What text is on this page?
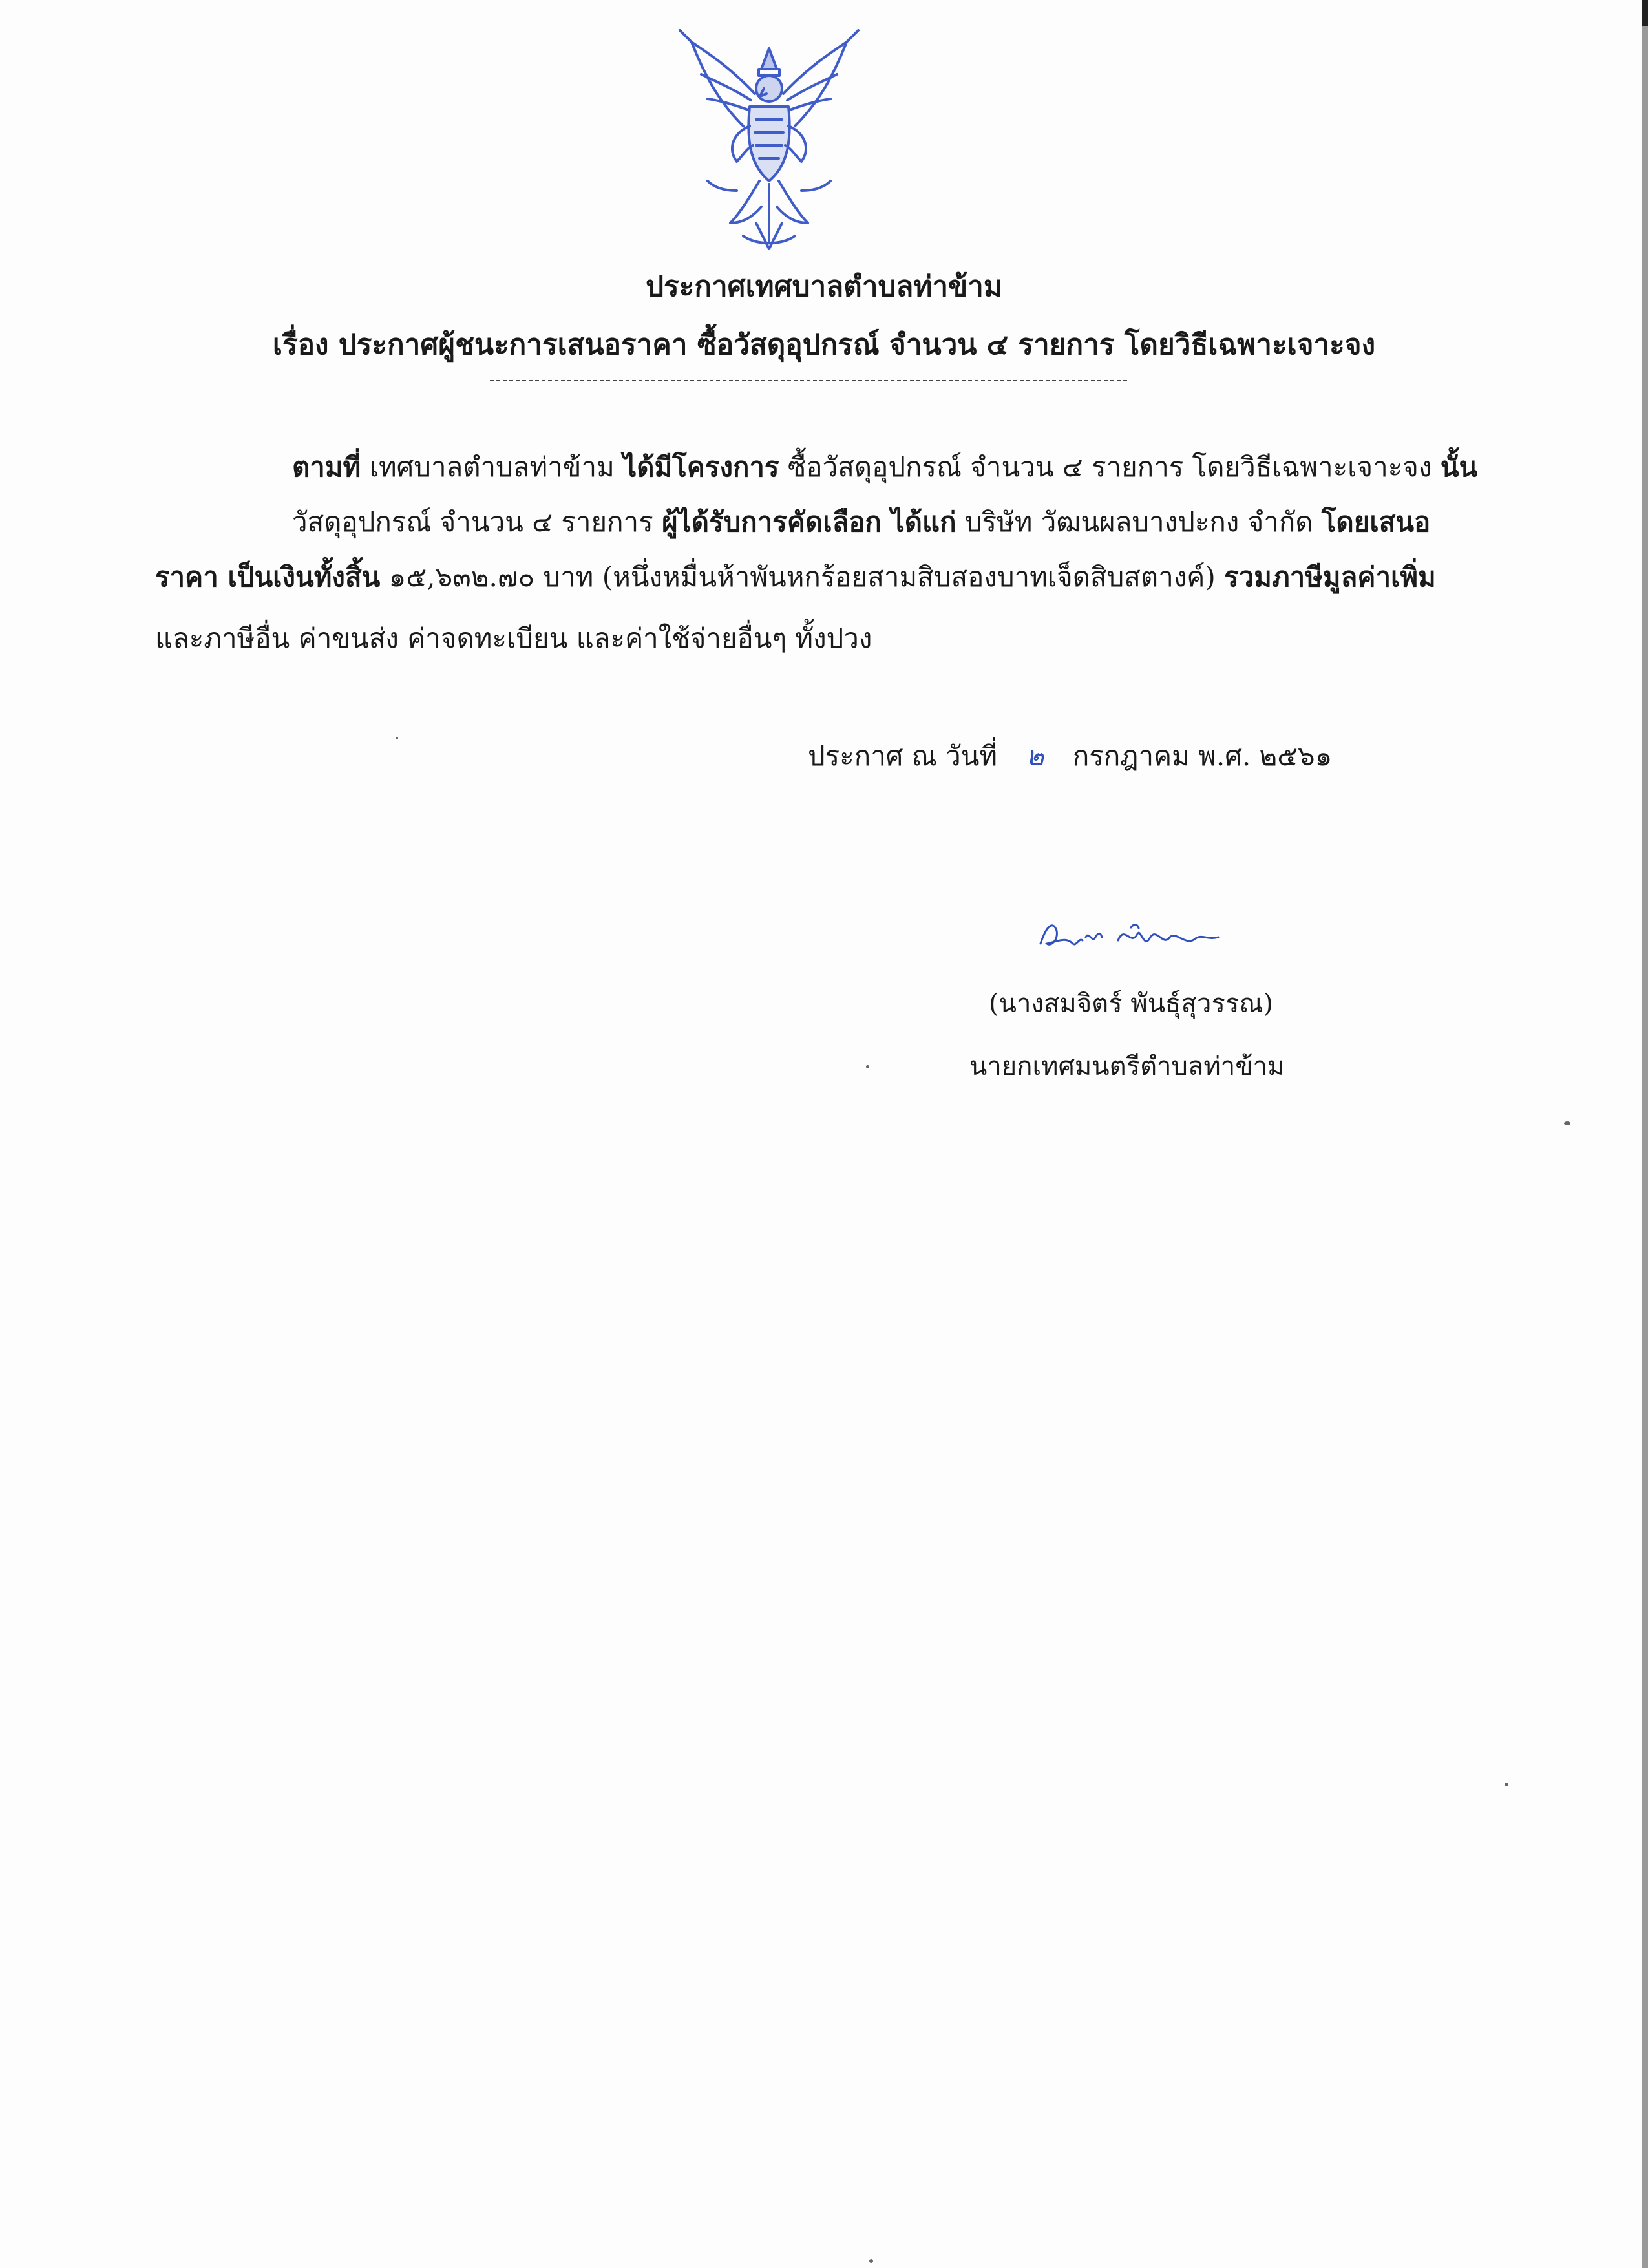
ประกาศเทศบาลตำบลท่าข้าม
เรื่อง ประกาศผู้ชนะการเสนอราคา ซื้อวัสดุอุปกรณ์ จำนวน ๔ รายการ โดยวิธีเฉพาะเจาะจง
ตามที่ เทศบาลตำบลท่าข้าม ได้มีโครงการ ซื้อวัสดุอุปกรณ์ จำนวน ๔ รายการ โดยวิธีเฉพาะเจาะจง นั้น
วัสดุอุปกรณ์ จำนวน ๔ รายการ ผู้ได้รับการคัดเลือก ได้แก่ บริษัท วัฒนผลบางปะกง จำกัด โดยเสนอ
ราคา เป็นเงินทั้งสิ้น ๑๕,๖๓๒.๗๐ บาท (หนึ่งหมื่นห้าพันหกร้อยสามสิบสองบาทเจ็ดสิบสตางค์) รวมภาษีมูลค่าเพิ่ม
และภาษีอื่น ค่าขนส่ง ค่าจดทะเบียน และค่าใช้จ่ายอื่นๆ ทั้งปวง
ประกาศ ณ วันที่ ๒ กรกฎาคม พ.ศ. ๒๕๖๑
(นางสมจิตร์ พันธุ์สุวรรณ)
นายกเทศมนตรีตำบลท่าข้าม
